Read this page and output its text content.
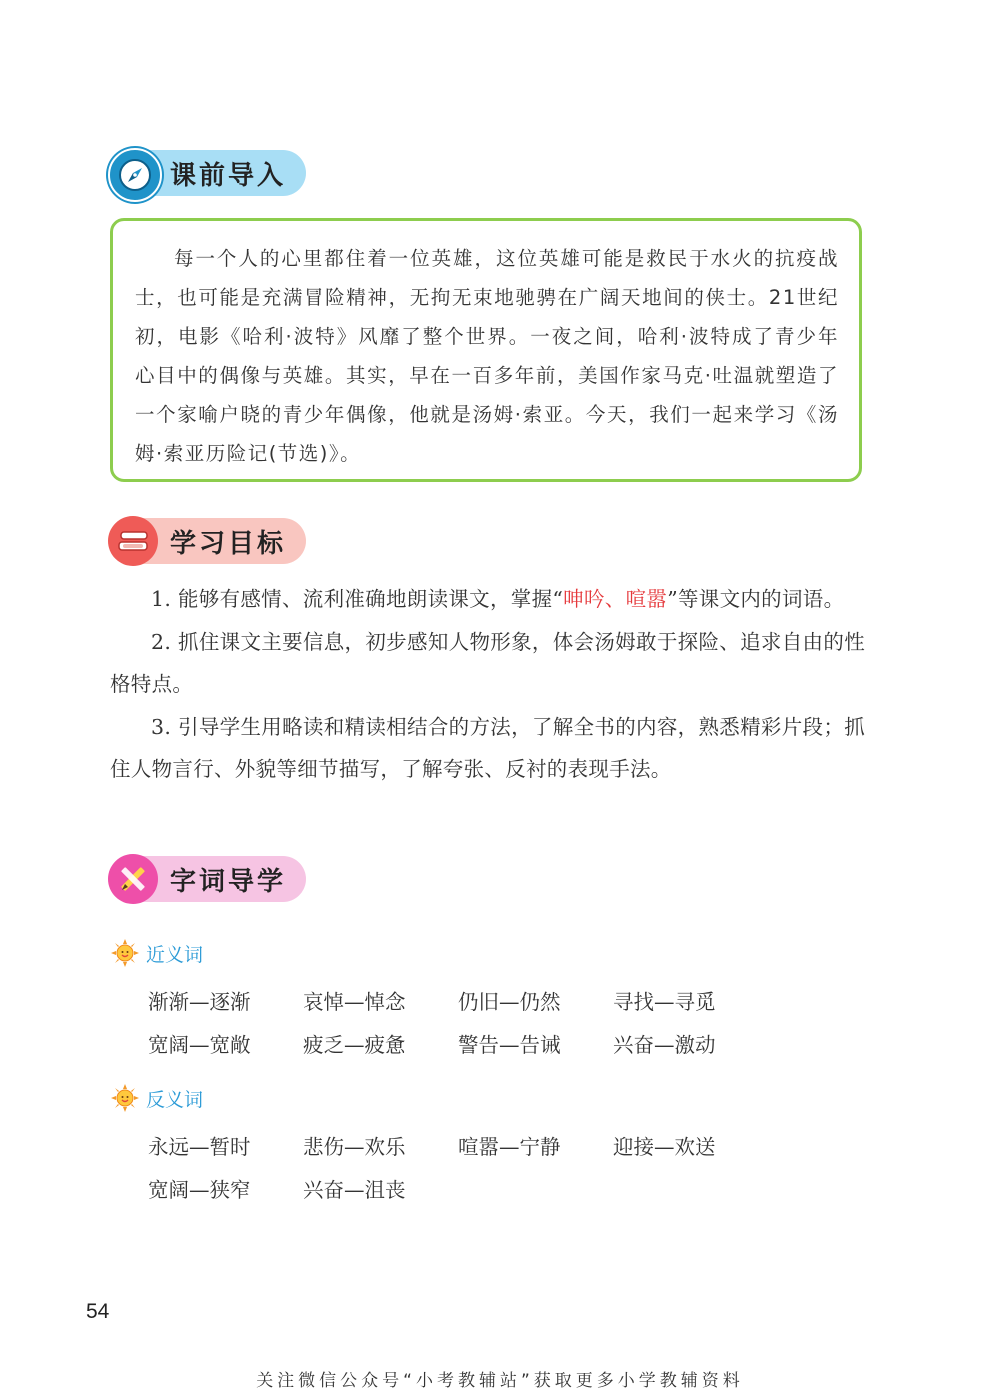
课前导入

每一个人的心里都住着一位英雄，这位英雄可能是救民于水火的抗疫战士，也可能是充满冒险精神，无拘无束地驰骋在广阔天地间的侠士。21世纪初，电影《哈利·波特》风靡了整个世界。一夜之间，哈利·波特成了青少年心目中的偶像与英雄。其实，早在一百多年前，美国作家马克·吐温就塑造了一个家喻户晓的青少年偶像，他就是汤姆·索亚。今天，我们一起来学习《汤姆·索亚历险记(节选)》。

学习目标

1. 能够有感情、流利准确地朗读课文，掌握“呻吟、喧嚣”等课文内的词语。

2. 抓住课文主要信息，初步感知人物形象，体会汤姆敢于探险、追求自由的性格特点。

3. 引导学生用略读和精读相结合的方法，了解全书的内容，熟悉精彩片段；抓住人物言行、外貌等细节描写，了解夸张、反衬的表现手法。

字词导学
近义词
渐渐—逐渐	哀悼—悼念	仍旧—仍然	寻找—寻觅
宽阔—宽敞	疲乏—疲惫	警告—告诫	兴奋—激动
反义词
永远—暂时	悲伤—欢乐	喧嚣—宁静	迎接—欢送
宽阔—狭窄	兴奋—沮丧
54
关注微信公众号“小考教辅站”获取更多小学教辅资料
